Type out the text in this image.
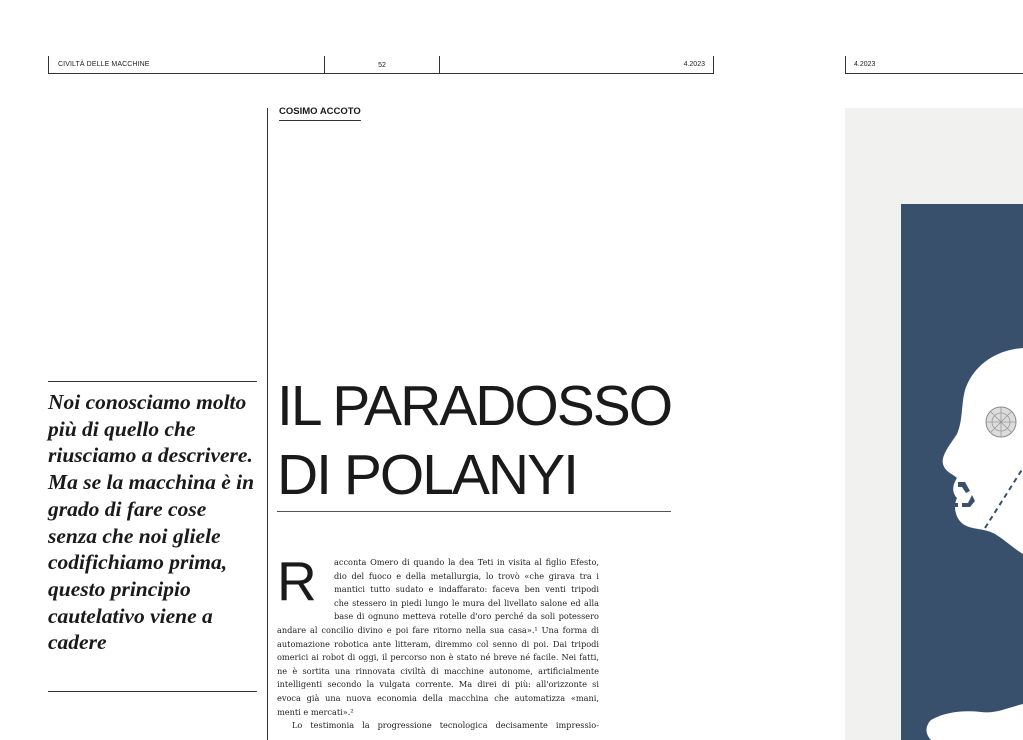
CIVILTÀ DELLE MACCHINE	52	4.2023	4.2023
COSIMO ACCOTO
Noi conosciamo molto più di quello che riusciamo a descrivere. Ma se la macchina è in grado di fare cose senza che noi gliele codifichiamo prima, questo principio cautelativo viene a cadere
IL PARADOSSO
DI POLANYI
R	acconta Omero di quando la dea Teti in visita al figlio Efesto,
dio del fuoco e della metallurgia, lo trovò «che girava tra i
mantici tutto sudato e indaffarato: faceva ben venti tripodi
che stessero in piedi lungo le mura del livellato salone ed alla
base di ognuno metteva rotelle d'oro perché da soli potessero
andare al concilio divino e poi fare ritorno nella sua casa».¹ Una forma di
automazione robotica ante litteram, diremmo col senno di poi. Dai tripodi
omerici ai robot di oggi, il percorso non è stato né breve né facile. Nei fatti,
ne è sortita una rinnovata civiltà di macchine autonome, artificialmente
intelligenti secondo la vulgata corrente. Ma direi di più: all'orizzonte si
evoca già una nuova economia della macchina che automatizza «mani,
menti e mercati».²
Lo testimonia la progressione tecnologica decisamente impressio-
